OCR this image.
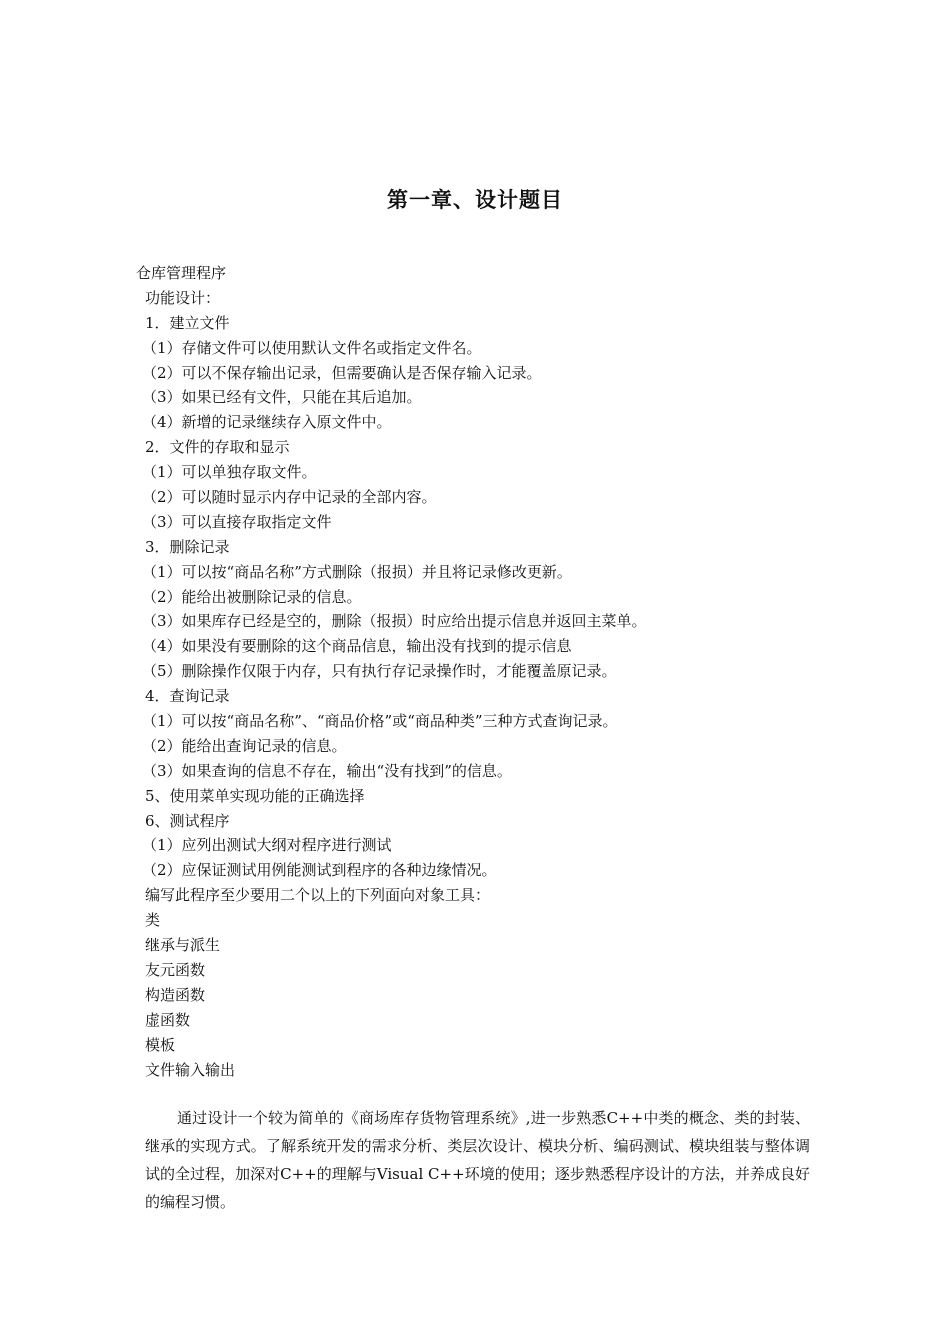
第一章、设计题目
仓库管理程序
功能设计：
1．建立文件
（1）存储文件可以使用默认文件名或指定文件名。
（2）可以不保存输出记录，但需要确认是否保存输入记录。
（3）如果已经有文件，只能在其后追加。
（4）新增的记录继续存入原文件中。
2．文件的存取和显示
（1）可以单独存取文件。
（2）可以随时显示内存中记录的全部内容。
（3）可以直接存取指定文件
3．删除记录
（1）可以按“商品名称”方式删除（报损）并且将记录修改更新。
（2）能给出被删除记录的信息。
（3）如果库存已经是空的，删除（报损）时应给出提示信息并返回主菜单。
（4）如果没有要删除的这个商品信息，输出没有找到的提示信息
（5）删除操作仅限于内存，只有执行存记录操作时，才能覆盖原记录。
4．查询记录
（1）可以按“商品名称”、“商品价格”或“商品种类”三种方式查询记录。
（2）能给出查询记录的信息。
（3）如果查询的信息不存在，输出“没有找到”的信息。
5、使用菜单实现功能的正确选择
6、测试程序
（1）应列出测试大纲对程序进行测试
（2）应保证测试用例能测试到程序的各种边缘情况。
编写此程序至少要用二个以上的下列面向对象工具：
类
继承与派生
友元函数
构造函数
虚函数
模板
文件输入输出

通过设计一个较为简单的《商场库存货物管理系统》,进一步熟悉C++中类的概念、类的封装、继承的实现方式。了解系统开发的需求分析、类层次设计、模块分析、编码测试、模块组装与整体调试的全过程，加深对C++的理解与Visual C++环境的使用；逐步熟悉程序设计的方法，并养成良好的编程习惯。
